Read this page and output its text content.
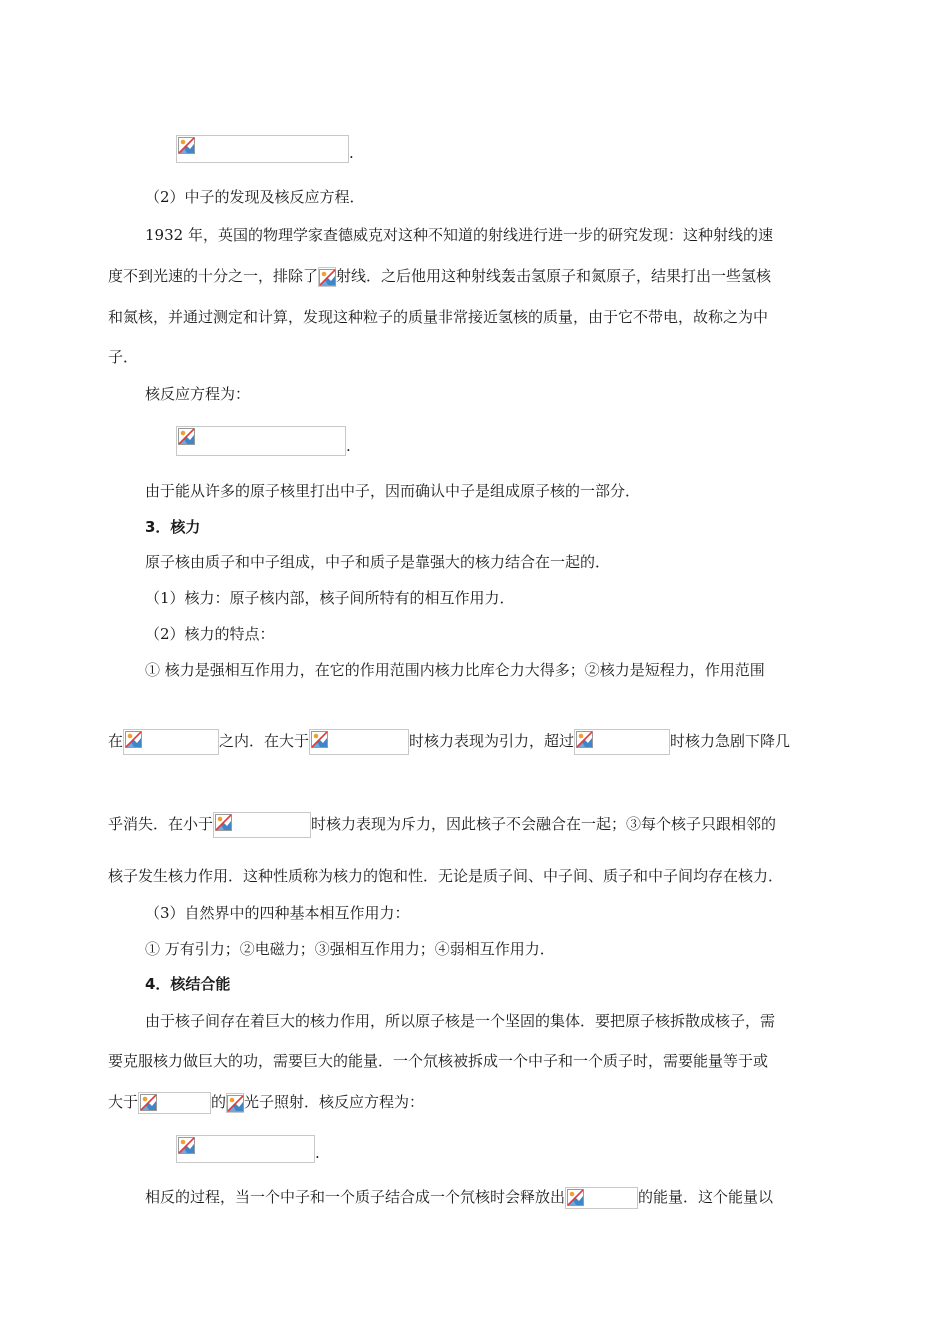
.
（2）中子的发现及核反应方程．
1932 年，英国的物理学家查德威克对这种不知道的射线进行进一步的研究发现：这种射线的速
度不到光速的十分之一，排除了 射线．之后他用这种射线轰击氢原子和氮原子，结果打出一些氢核
和氮核，并通过测定和计算，发现这种粒子的质量非常接近氢核的质量，由于它不带电，故称之为中
子．
核反应方程为：
.
由于能从许多的原子核里打出中子，因而确认中子是组成原子核的一部分．
3．核力
原子核由质子和中子组成，中子和质子是靠强大的核力结合在一起的．
（1）核力：原子核内部，核子间所特有的相互作用力．
（2）核力的特点：
① 核力是强相互作用力，在它的作用范围内核力比库仑力大得多；②核力是短程力，作用范围
在	之内．在大于	时核力表现为引力，超过	时核力急剧下降几
乎消失．在小于	时核力表现为斥力，因此核子不会融合在一起；③每个核子只跟相邻的
核子发生核力作用．这种性质称为核力的饱和性．无论是质子间、中子间、质子和中子间均存在核力．
（3）自然界中的四种基本相互作用力：
① 万有引力；②电磁力；③强相互作用力；④弱相互作用力．
4．核结合能
由于核子间存在着巨大的核力作用，所以原子核是一个坚固的集体．要把原子核拆散成核子，需
要克服核力做巨大的功，需要巨大的能量．一个氘核被拆成一个中子和一个质子时，需要能量等于或
大于	的 光子照射．核反应方程为：
.
相反的过程，当一个中子和一个质子结合成一个氘核时会释放出	的能量．这个能量以
